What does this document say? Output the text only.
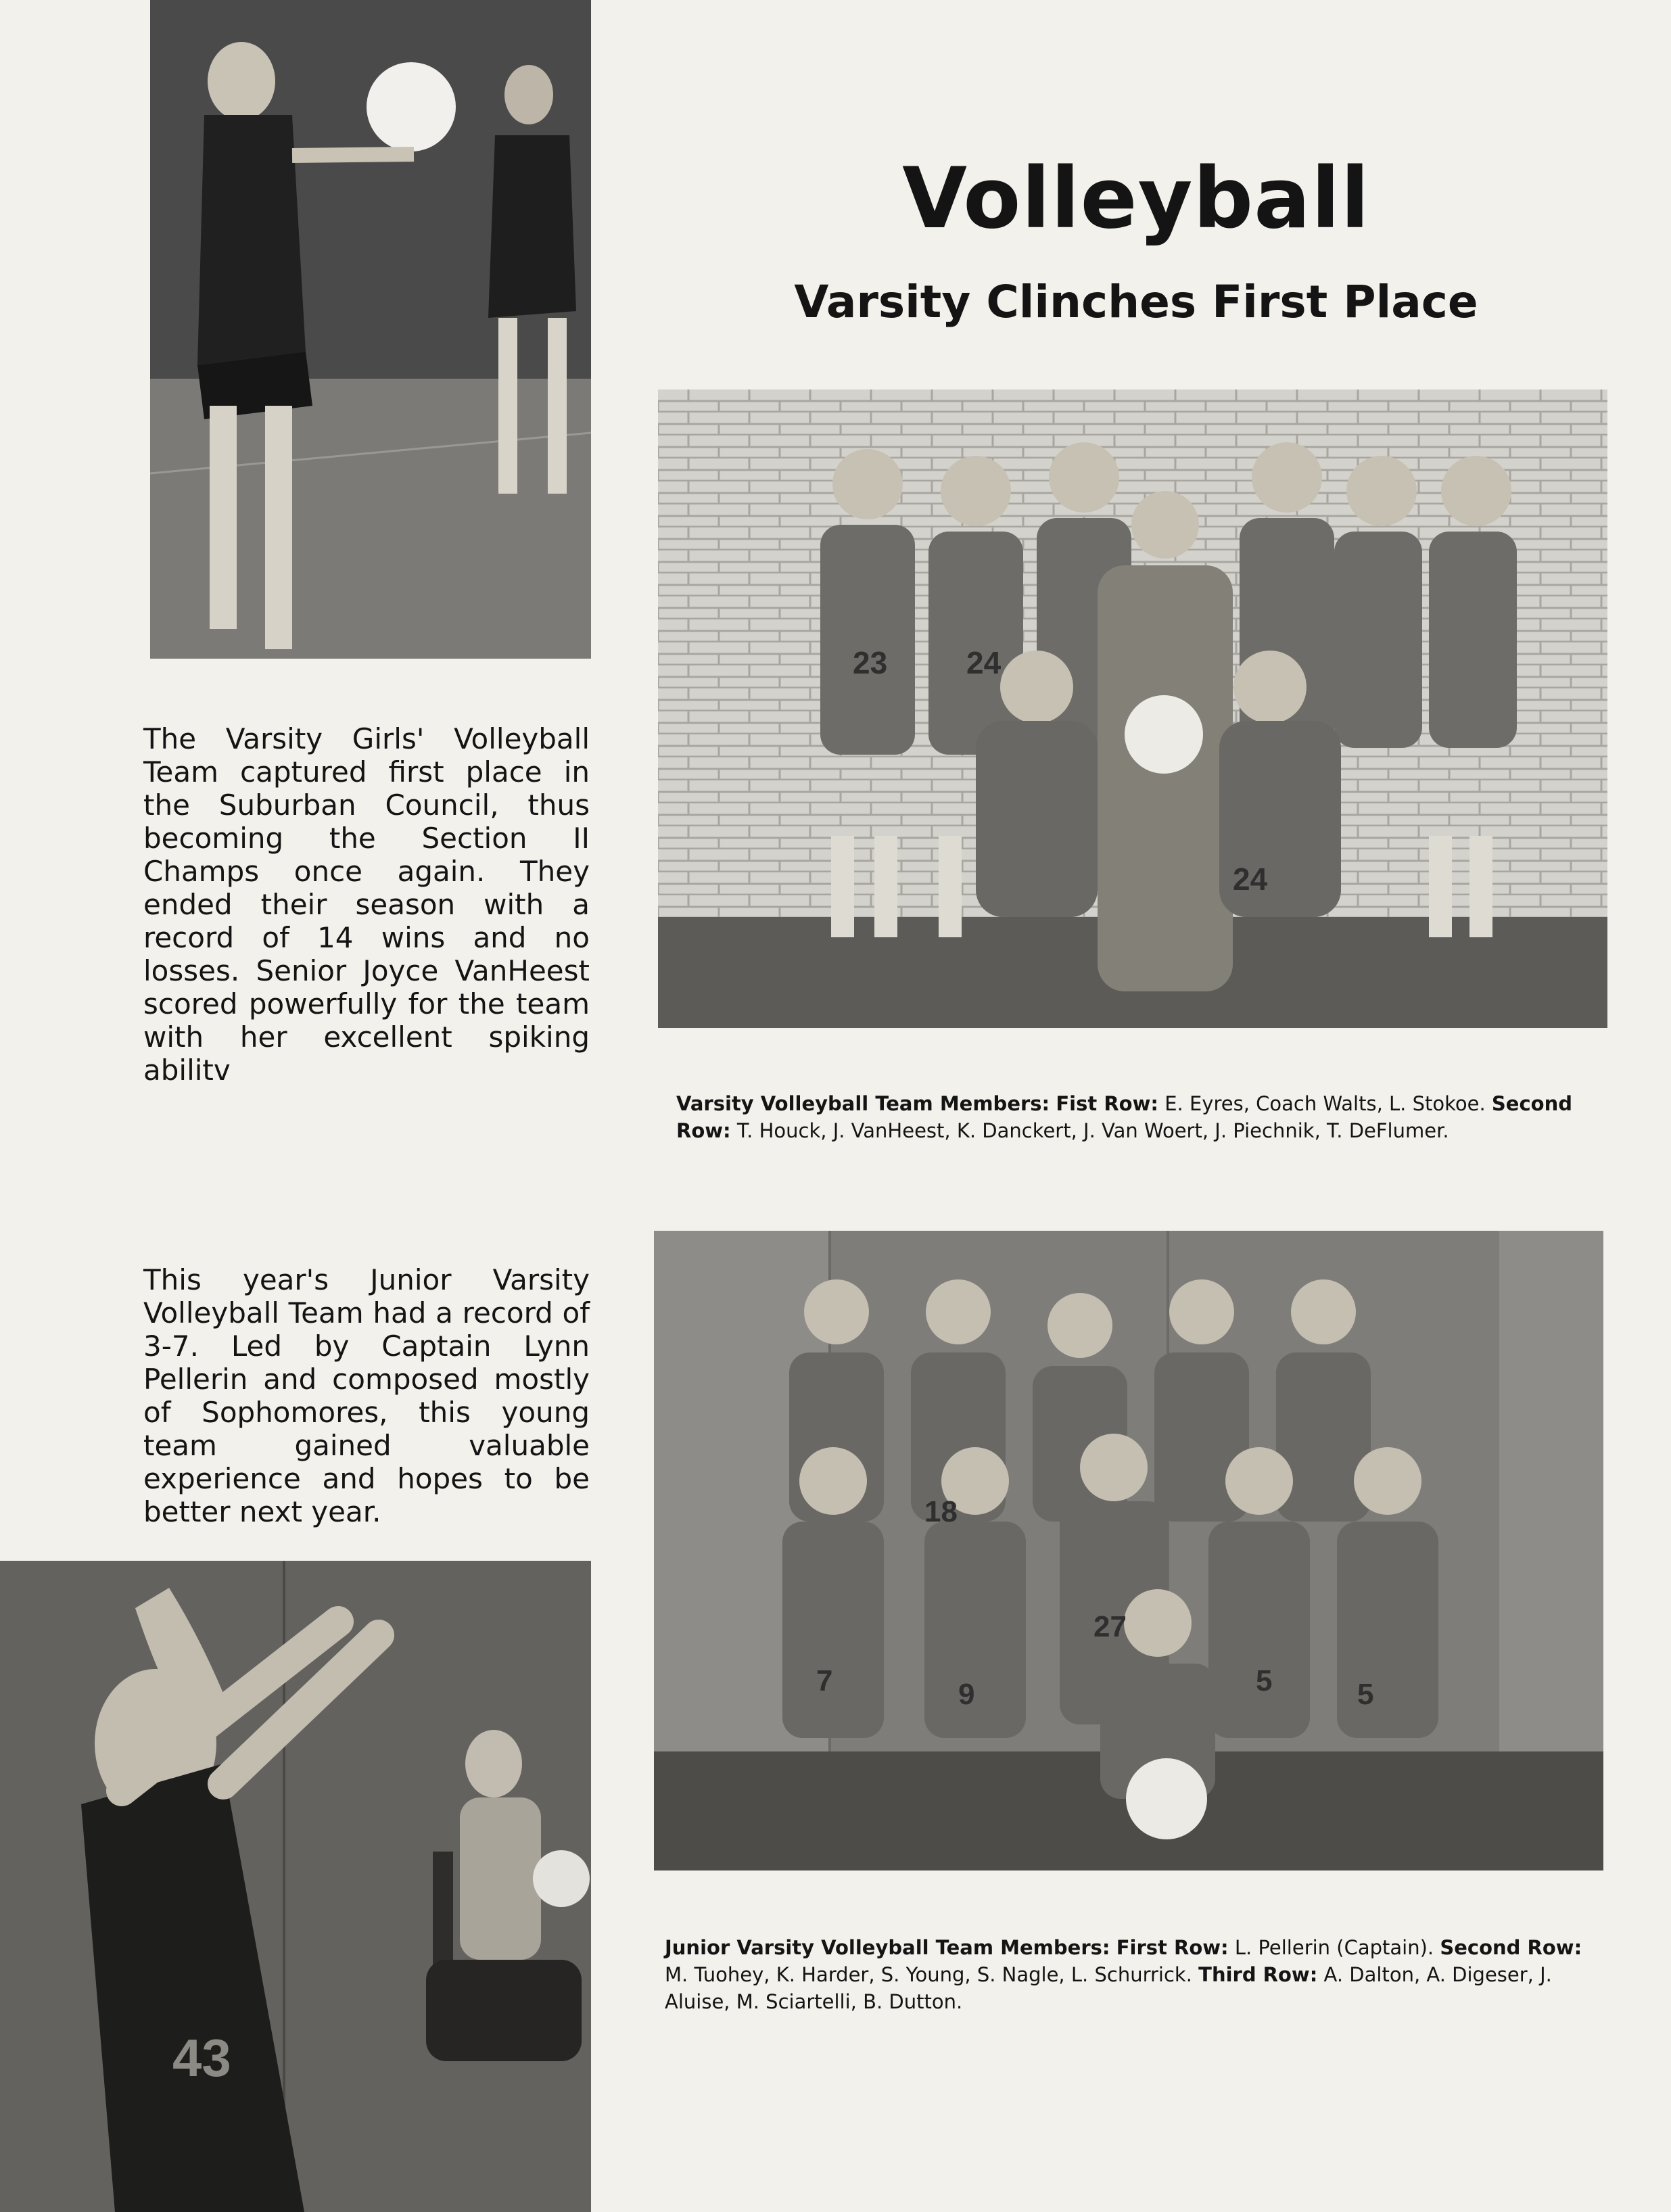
Volleyball
Varsity Clinches First Place
23	24
24

The Varsity Girls' Volleyball Team captured first place in the Suburban Council, thus becoming the Section II Champs once again. They ended their season with a record of 14 wins and no losses. Senior Joyce VanHeest scored powerfully for the team with her excellent spiking abilitv

Varsity Volleyball Team Members: Fist Row: E. Eyres, Coach Walts, L. Stokoe. Second Row: T. Houck, J. VanHeest, K. Danckert, J. Van Woert, J. Piechnik, T. DeFlumer.

This year's Junior Varsity Volleyball Team had a record of 3-7. Led by Captain Lynn Pellerin and composed mostly of Sophomores, this young team gained valuable experience and hopes to be better next year.	18
7	9
27
5	5
43

Junior Varsity Volleyball Team Members: First Row: L. Pellerin (Captain). Second Row: M. Tuohey, K. Harder, S. Young, S. Nagle, L. Schurrick. Third Row: A. Dalton, A. Digeser, J. Aluise, M. Sciartelli, B. Dutton.
